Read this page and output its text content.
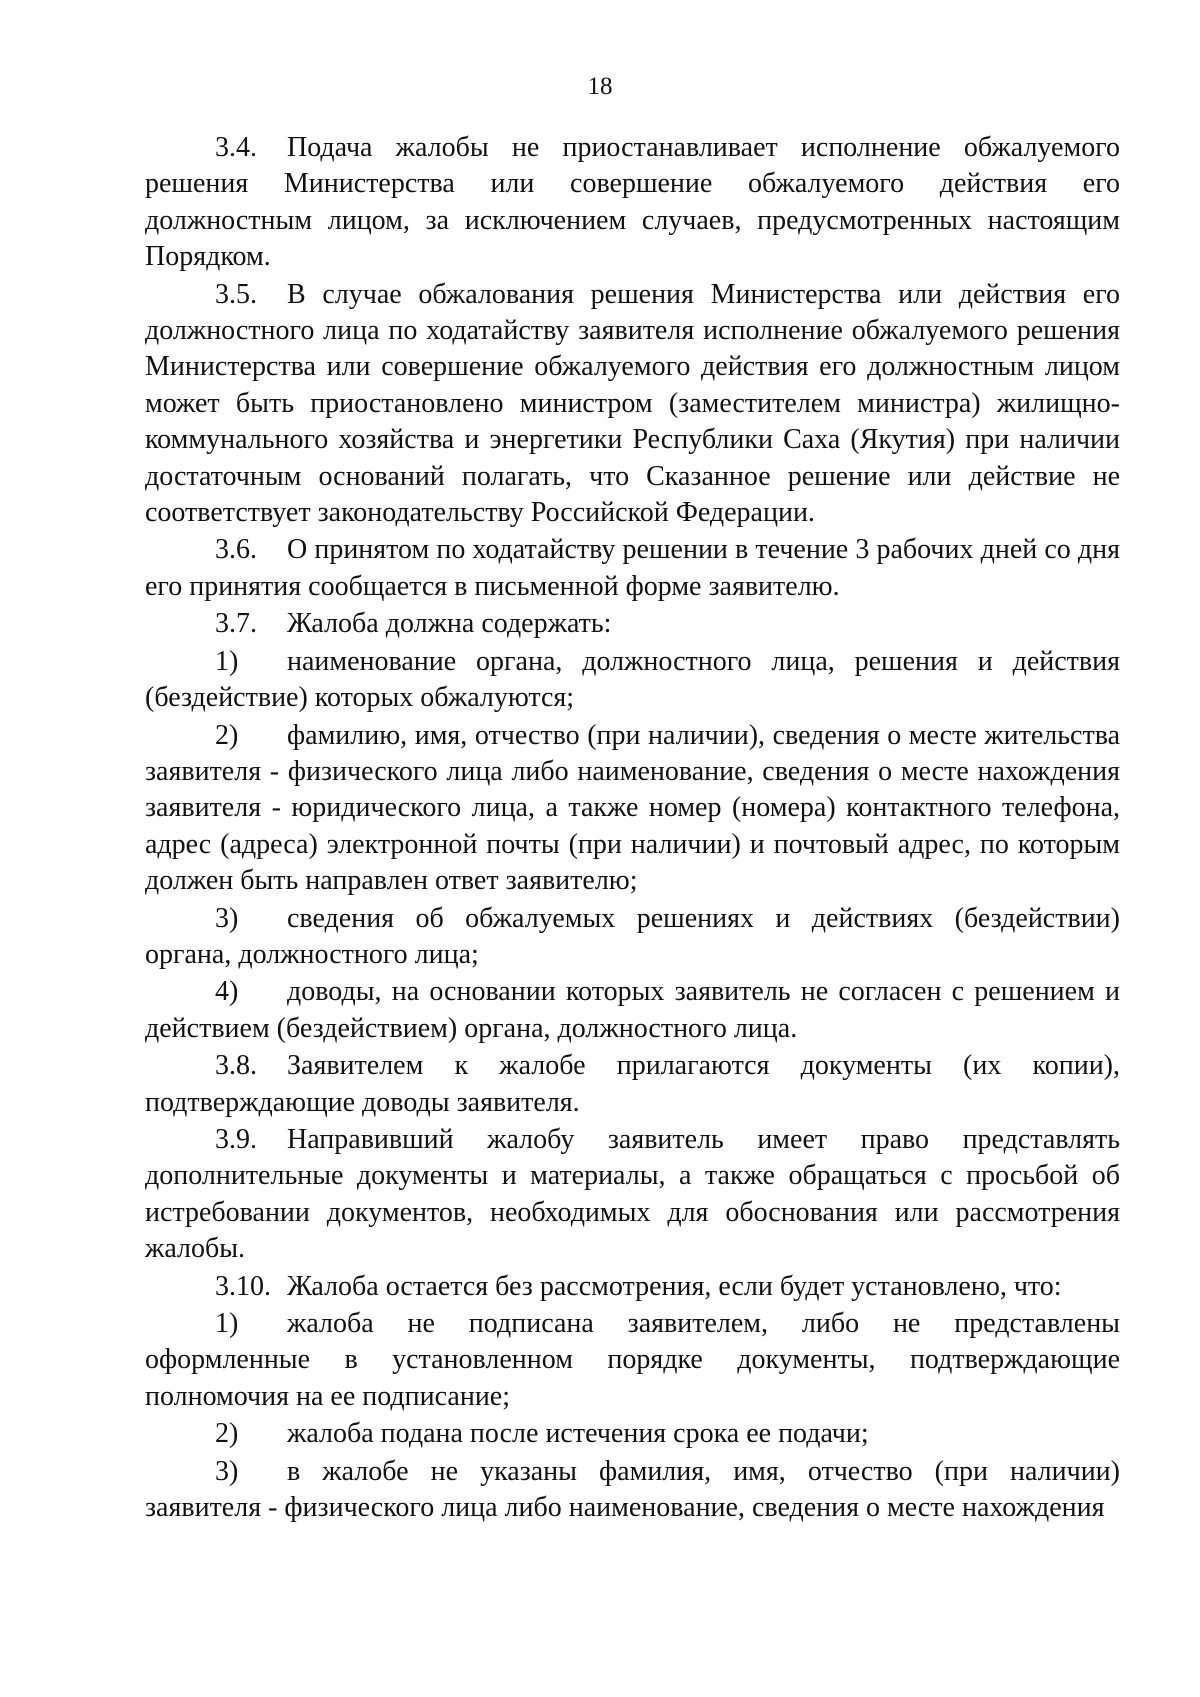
18

3.4. Подача жалобы не приостанавливает исполнение обжалуемого решения Министерства или совершение обжалуемого действия его должностным лицом, за исключением случаев, предусмотренных настоящим Порядком.

3.5. В случае обжалования решения Министерства или действия его должностного лица по ходатайству заявителя исполнение обжалуемого решения Министерства или совершение обжалуемого действия его должностным лицом может быть приостановлено министром (заместителем министра) жилищно- коммунального хозяйства и энергетики Республики Саха (Якутия) при наличии достаточным оснований полагать, что Сказанное решение или действие не соответствует законодательству Российской Федерации.

3.6. О принятом по ходатайству решении в течение 3 рабочих дней со дня его принятия сообщается в письменной форме заявителю.

3.7. Жалоба должна содержать:

1) наименование органа, должностного лица, решения и действия (бездействие) которых обжалуются;

2) фамилию, имя, отчество (при наличии), сведения о месте жительства заявителя - физического лица либо наименование, сведения о месте нахождения заявителя - юридического лица, а также номер (номера) контактного телефона, адрес (адреса) электронной почты (при наличии) и почтовый адрес, по которым должен быть направлен ответ заявителю;

3) сведения об обжалуемых решениях и действиях (бездействии) органа, должностного лица;

4) доводы, на основании которых заявитель не согласен с решением и действием (бездействием) органа, должностного лица.

3.8. Заявителем к жалобе прилагаются документы (их копии), подтверждающие доводы заявителя.

3.9. Направивший жалобу заявитель имеет право представлять дополнительные документы и материалы, а также обращаться с просьбой об истребовании документов, необходимых для обоснования или рассмотрения жалобы.

3.10. Жалоба остается без рассмотрения, если будет установлено, что:

1) жалоба не подписана заявителем, либо не представлены оформленные в установленном порядке документы, подтверждающие полномочия на ее подписание;

2) жалоба подана после истечения срока ее подачи;

3) в жалобе не указаны фамилия, имя, отчество (при наличии) заявителя - физического лица либо наименование, сведения о месте нахождения
